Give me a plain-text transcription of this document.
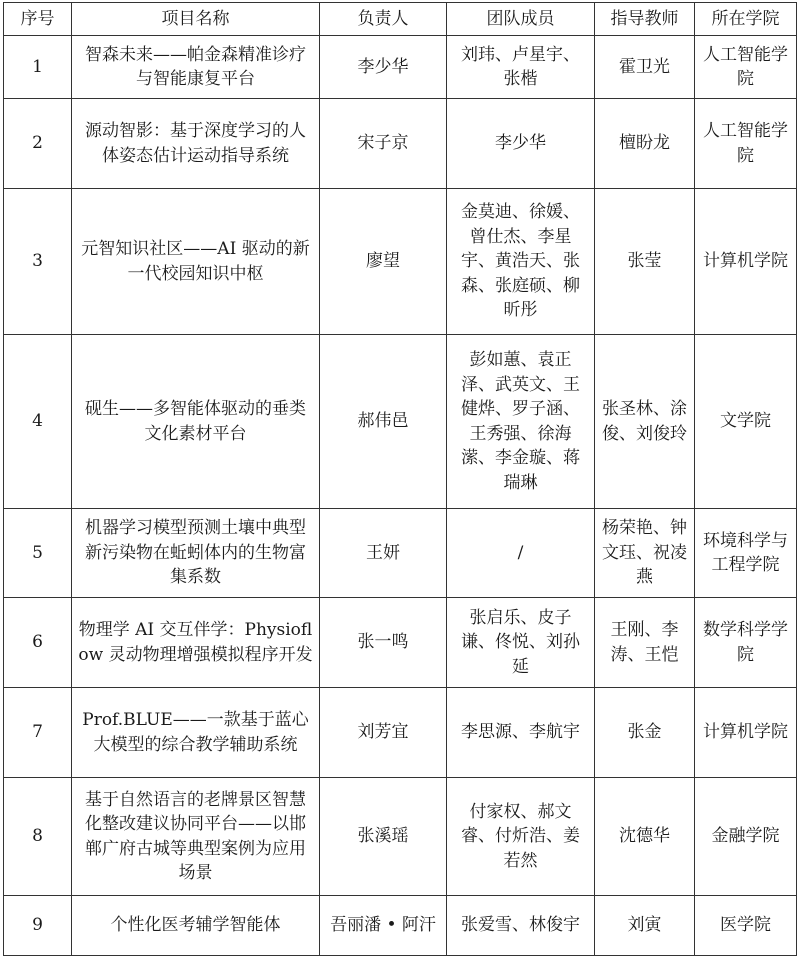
序号	项目名称	负责人	团队成员	指导教师	所在学院
1	智森未来——帕金森精准诊疗与智能康复平台	李少华	刘玮、卢星宇、张楷	霍卫光	人工智能学院
2	源动智影：基于深度学习的人体姿态估计运动指导系统	宋子京	李少华	檀盼龙	人工智能学院
3	元智知识社区——AI 驱动的新一代校园知识中枢	廖望	金莫迪、徐媛、曾仕杰、李星宇、黄浩天、张森、张庭硕、柳昕彤	张莹	计算机学院
4	砚生——多智能体驱动的垂类文化素材平台	郝伟邑	彭如蕙、袁正泽、武英文、王健烨、罗子涵、王秀强、徐海潆、李金璇、蒋瑞琳	张圣林、涂俊、刘俊玲	文学院
5	机器学习模型预测土壤中典型新污染物在蚯蚓体内的生物富集系数	王妍	/	杨荣艳、钟文珏、祝凌燕	环境科学与工程学院
6	物理学 AI 交互伴学：Physioflow 灵动物理增强模拟程序开发	张一鸣	张启乐、皮子谦、佟悦、刘孙延	王刚、李涛、王恺	数学科学学院
7	Prof.BLUE——一款基于蓝心大模型的综合教学辅助系统	刘芳宜	李思源、李航宇	张金	计算机学院
8	基于自然语言的老牌景区智慧化整改建议协同平台——以邯郸广府古城等典型案例为应用场景	张溪瑶	付家权、郝文睿、付炘浩、姜若然	沈德华	金融学院
9	个性化医考辅学智能体	吾丽潘 • 阿汗	张爱雪、林俊宇	刘寅	医学院
